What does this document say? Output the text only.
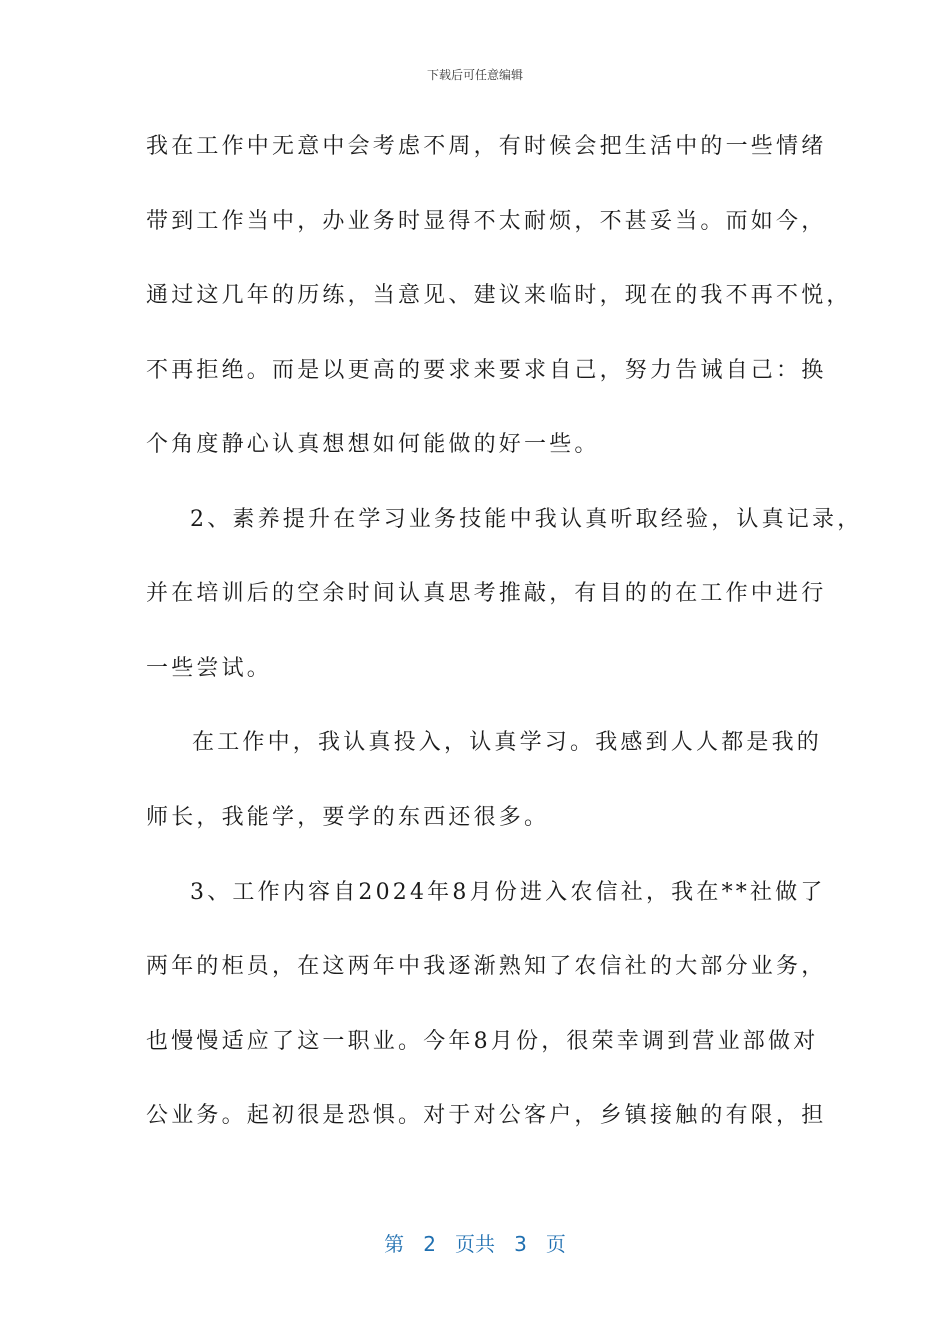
下载后可任意编辑
我在工作中无意中会考虑不周，有时候会把生活中的一些情绪
带到工作当中，办业务时显得不太耐烦，不甚妥当。而如今，
通过这几年的历练，当意见、建议来临时，现在的我不再不悦，
不再拒绝。而是以更高的要求来要求自己，努力告诫自己：换
个角度静心认真想想如何能做的好一些。
2、素养提升在学习业务技能中我认真听取经验，认真记录，
并在培训后的空余时间认真思考推敲，有目的的在工作中进行
一些尝试。
在工作中，我认真投入，认真学习。我感到人人都是我的
师长，我能学，要学的东西还很多。
3、工作内容自2024年8月份进入农信社，我在**社做了
两年的柜员，在这两年中我逐渐熟知了农信社的大部分业务，
也慢慢适应了这一职业。今年8月份，很荣幸调到营业部做对
公业务。起初很是恐惧。对于对公客户，乡镇接触的有限，担
第 2 页共 3 页
